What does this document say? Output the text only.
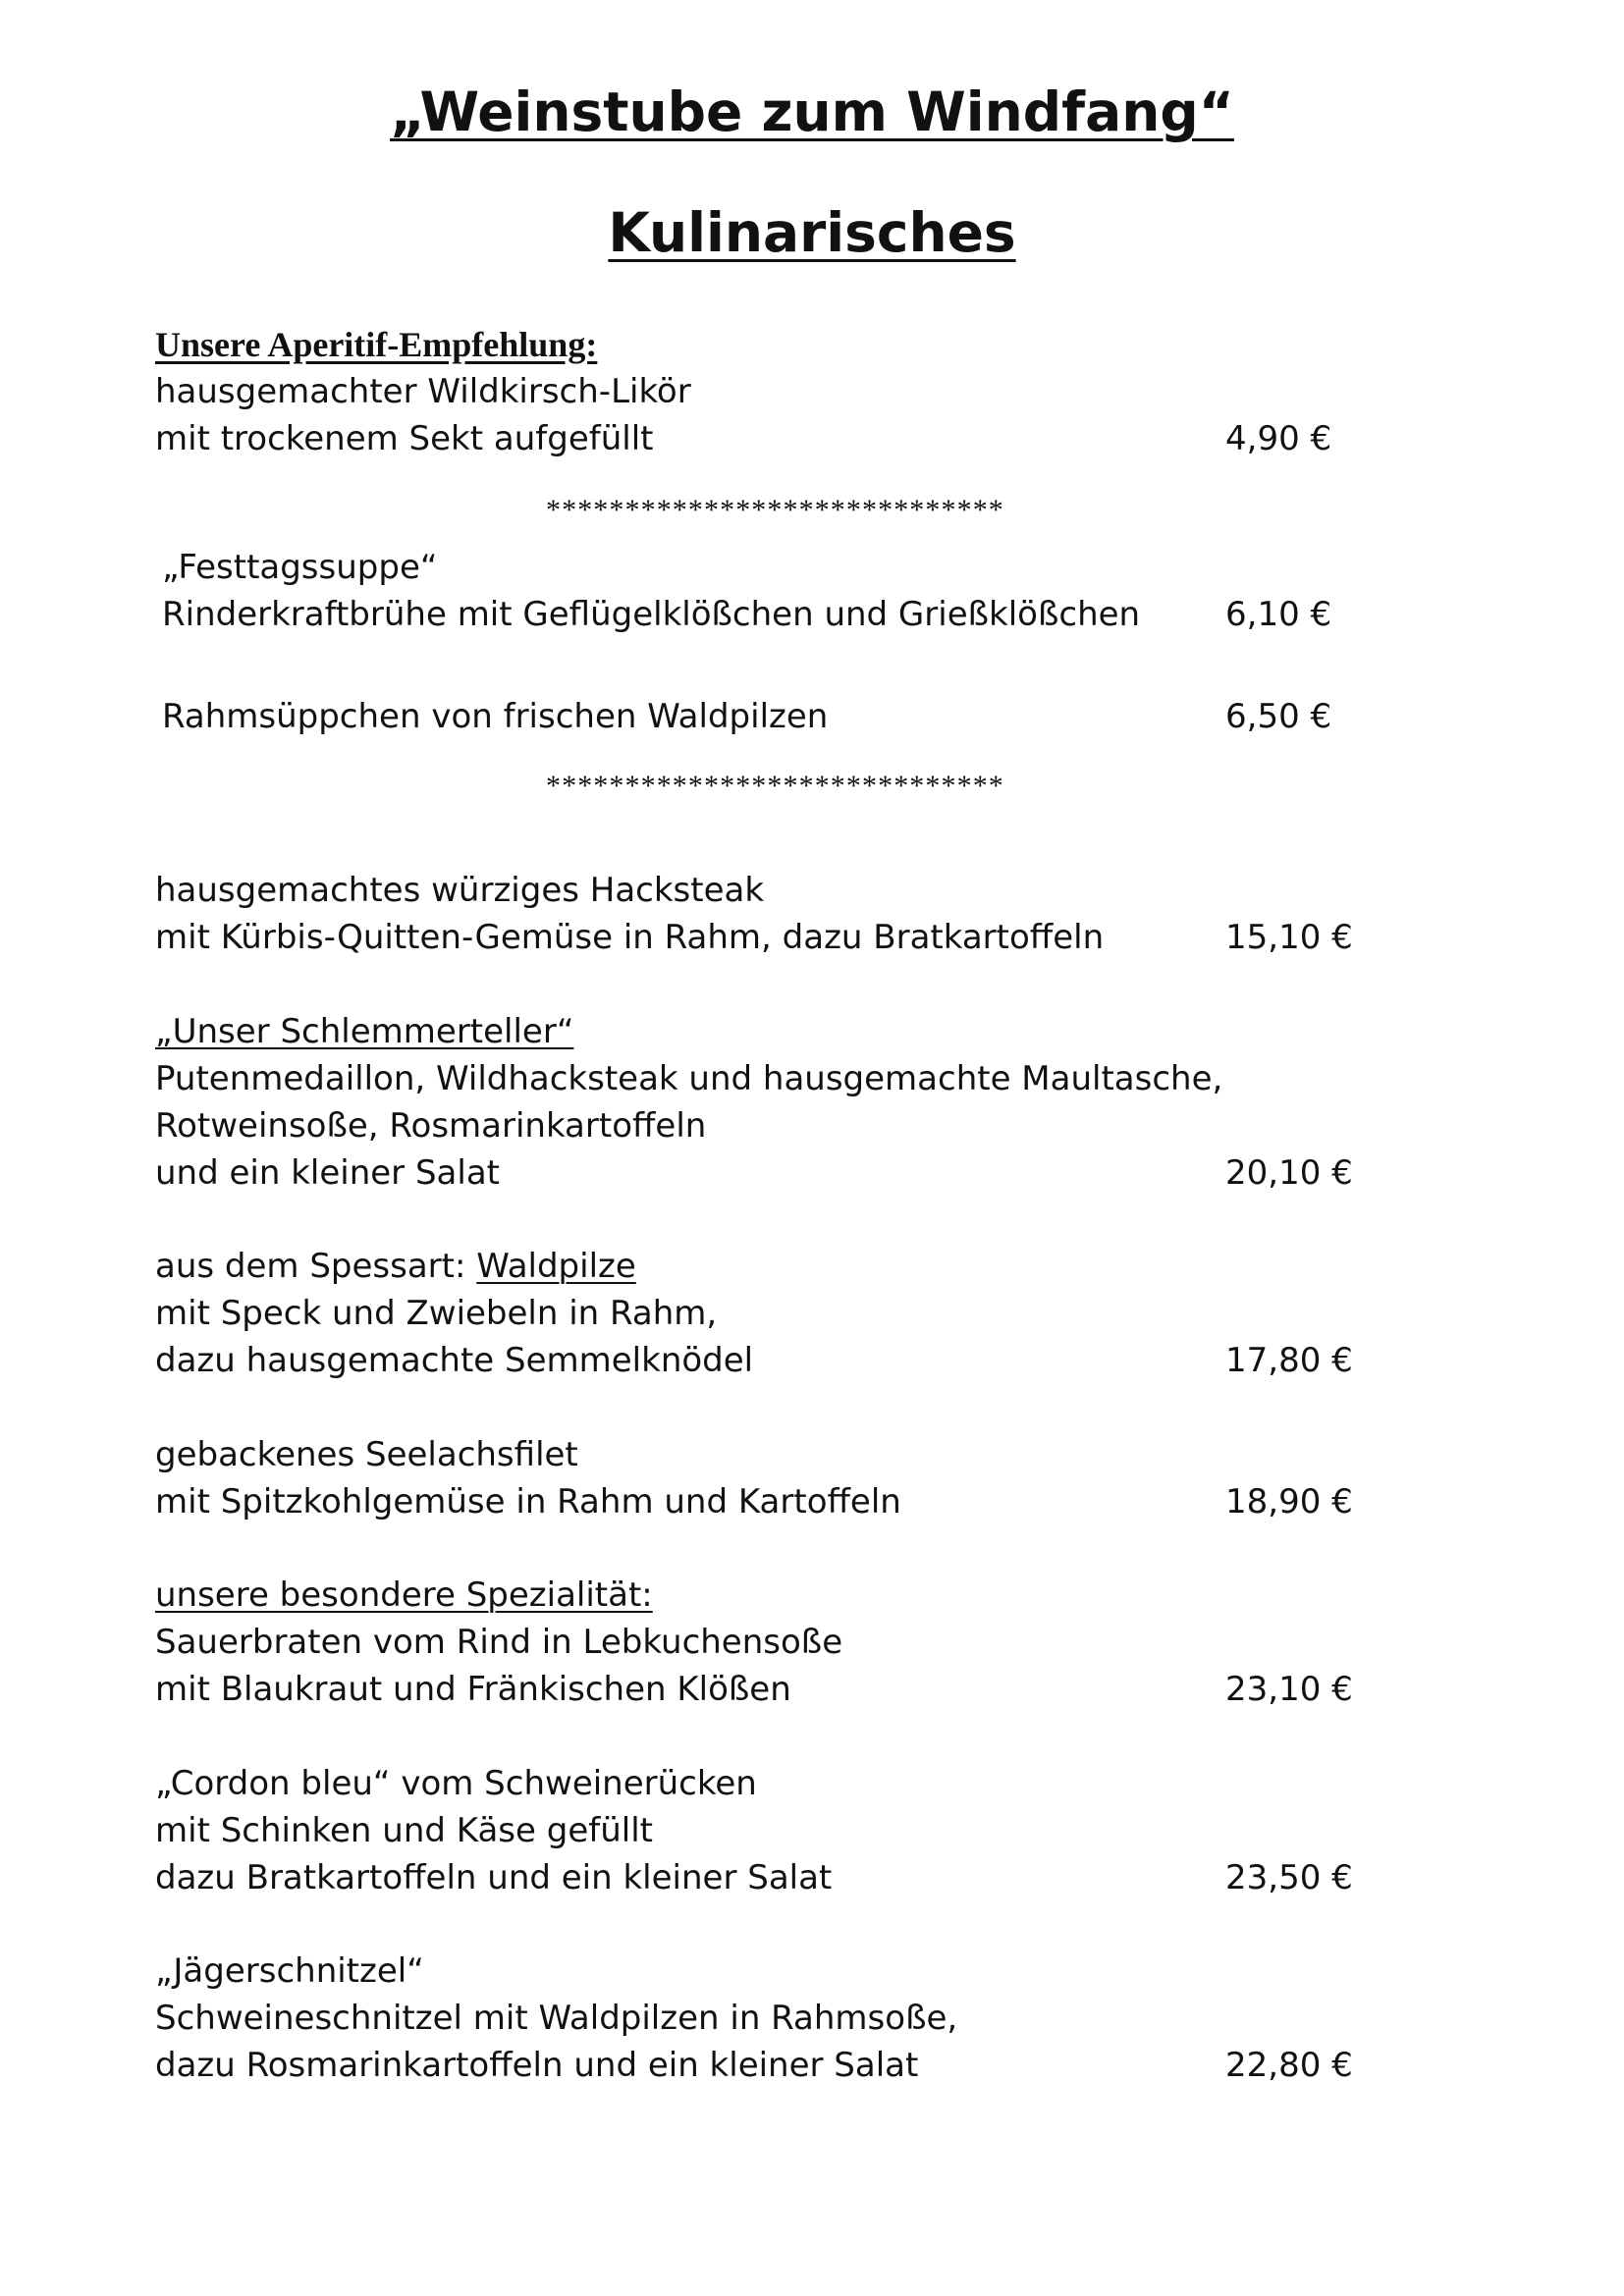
„Weinstube zum Windfang“
Kulinarisches
Unsere Aperitif-Empfehlung:
hausgemachter Wildkirsch-Likör
mit trockenem Sekt aufgefüllt	4,90 €
*****************************
„Festtagssuppe“
Rinderkraftbrühe mit Geflügelklößchen und Grießklößchen	6,10 €
Rahmsüppchen von frischen Waldpilzen	6,50 €
*****************************
hausgemachtes würziges Hacksteak
mit Kürbis-Quitten-Gemüse in Rahm, dazu Bratkartoffeln	15,10 €
„Unser Schlemmerteller“
Putenmedaillon, Wildhacksteak und hausgemachte Maultasche,
Rotweinsoße, Rosmarinkartoffeln
und ein kleiner Salat	20,10 €
aus dem Spessart: Waldpilze
mit Speck und Zwiebeln in Rahm,
dazu hausgemachte Semmelknödel	17,80 €
gebackenes Seelachsfilet
mit Spitzkohlgemüse in Rahm und Kartoffeln	18,90 €
unsere besondere Spezialität:
Sauerbraten vom Rind in Lebkuchensoße
mit Blaukraut und Fränkischen Klößen	23,10 €
„Cordon bleu“ vom Schweinerücken
mit Schinken und Käse gefüllt
dazu Bratkartoffeln und ein kleiner Salat	23,50 €
„Jägerschnitzel“
Schweineschnitzel mit Waldpilzen in Rahmsoße,
dazu Rosmarinkartoffeln und ein kleiner Salat	22,80 €
